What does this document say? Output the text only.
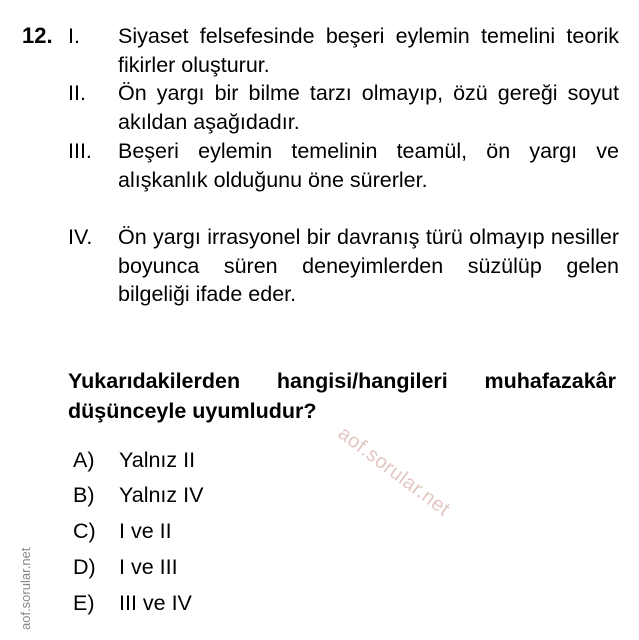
12. I. Siyaset felsefesinde beşeri eylemin temelini teorik fikirler oluşturur.
II. Ön yargı bir bilme tarzı olmayıp, özü gereği soyut akıldan aşağıdadır.
III. Beşeri eylemin temelinin teamül, ön yargı ve alışkanlık olduğunu öne sürerler.
IV. Ön yargı irrasyonel bir davranış türü olmayıp nesiller boyunca süren deneyimlerden süzülüp gelen bilgeliği ifade eder.
Yukarıdakilerden hangisi/hangileri muhafazakâr düşünceyle uyumludur?
A) Yalnız II
B) Yalnız IV
C) I ve II
D) I ve III
E) III ve IV
aof.sorular.net
aof.sorular.net
